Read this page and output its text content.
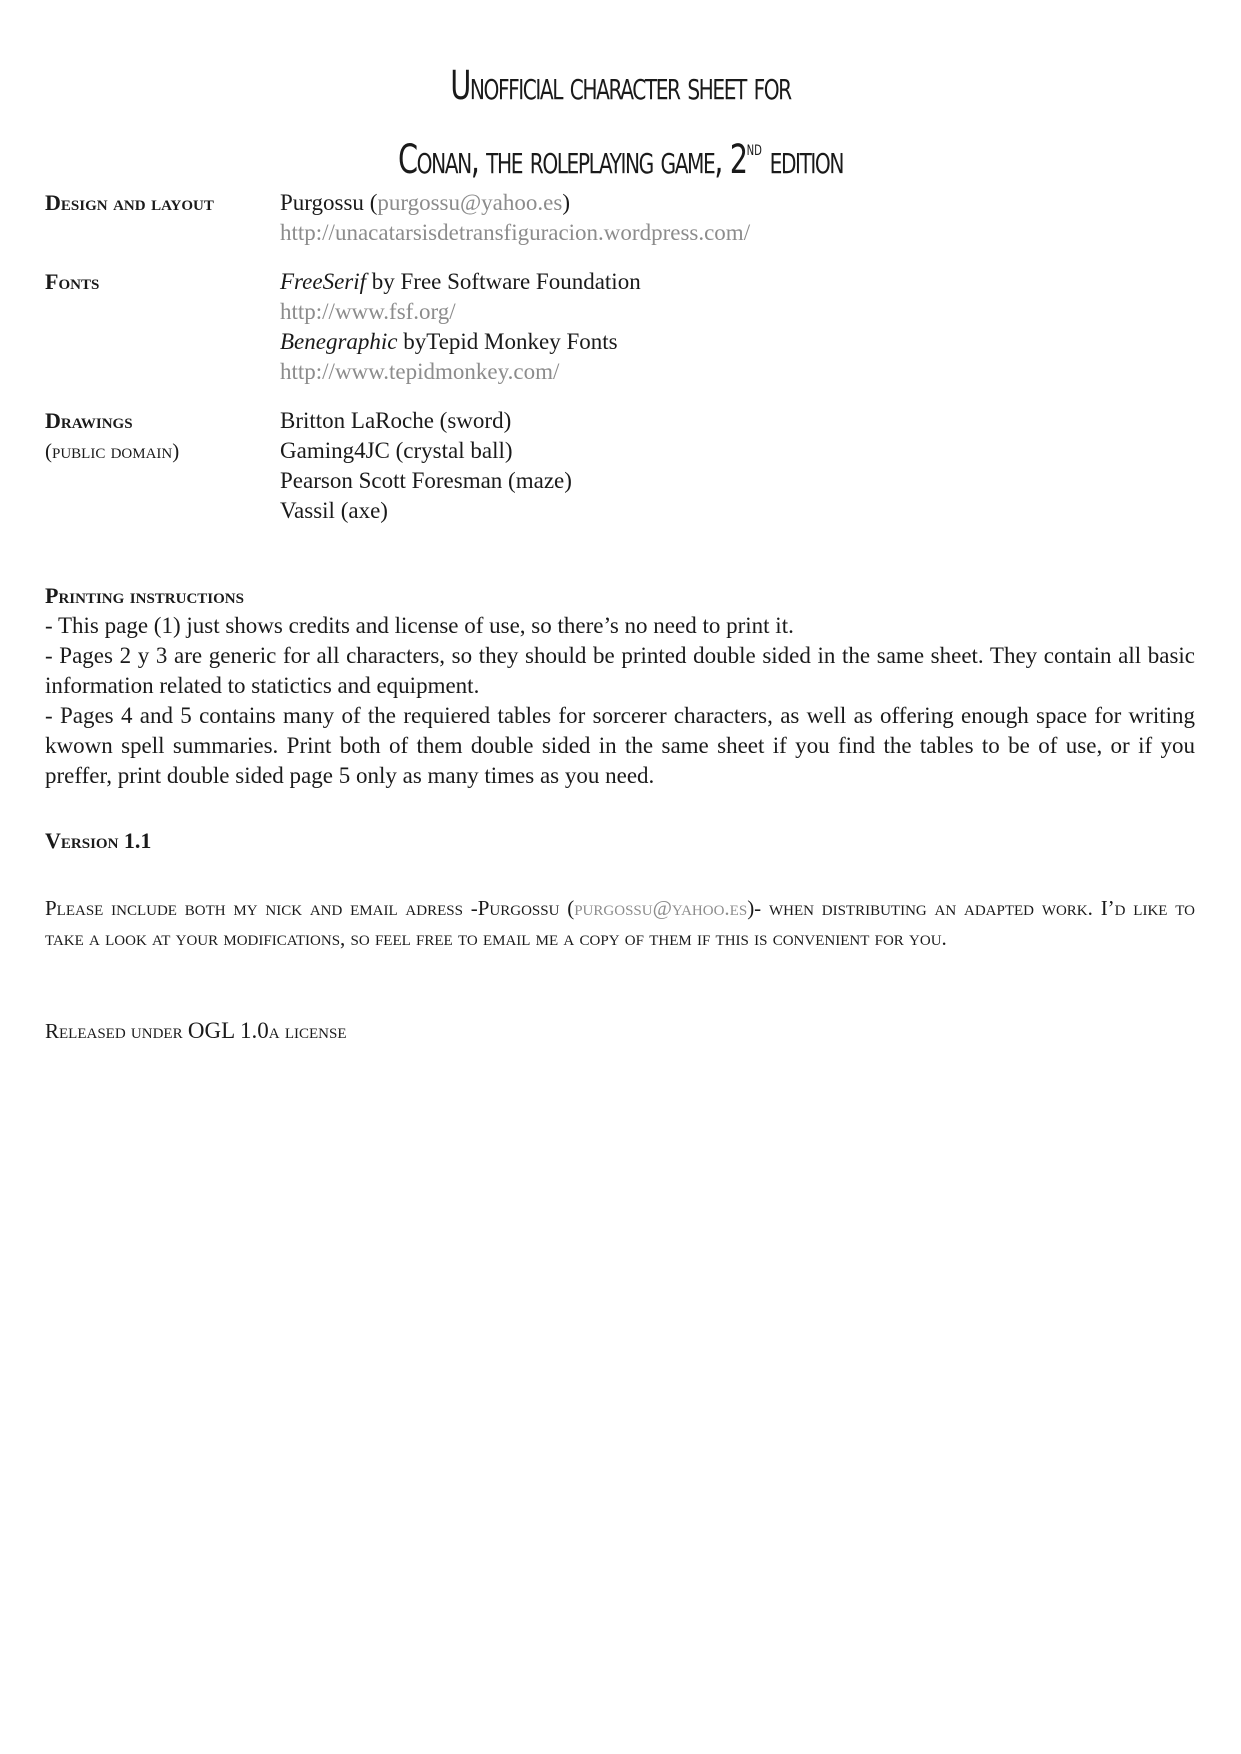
Unofficial character sheet for
Conan, the roleplaying game, 2nd edition
Design and layout	Purgossu (purgossu@yahoo.es)
http://unacatarsisdetransfiguracion.wordpress.com/
Fonts	FreeSerif by Free Software Foundation
http://www.fsf.org/
Benegraphic byTepid Monkey Fonts
http://www.tepidmonkey.com/
Drawings
(public domain)
Britton LaRoche (sword)
Gaming4JC (crystal ball)
Pearson Scott Foresman (maze)
Vassil (axe)
Printing instructions
- This page (1) just shows credits and license of use, so there’s no need to print it.
- Pages 2 y 3 are generic for all characters, so they should be printed double sided in the same sheet. They contain all basic information related to statictics and equipment.
- Pages 4 and 5 contains many of the requiered tables for sorcerer characters, as well as offering enough space for writing kwown spell summaries. Print both of them double sided in the same sheet if you find the tables to be of use, or if you preffer, print double sided page 5 only as many times as you need.
Version 1.1
Please include both my nick and email adress -Purgossu (purgossu@yahoo.es)- when distributing an adapted work. I’d like to take a look at your modifications, so feel free to email me a copy of them if this is convenient for you.
Released under OGL 1.0a license
